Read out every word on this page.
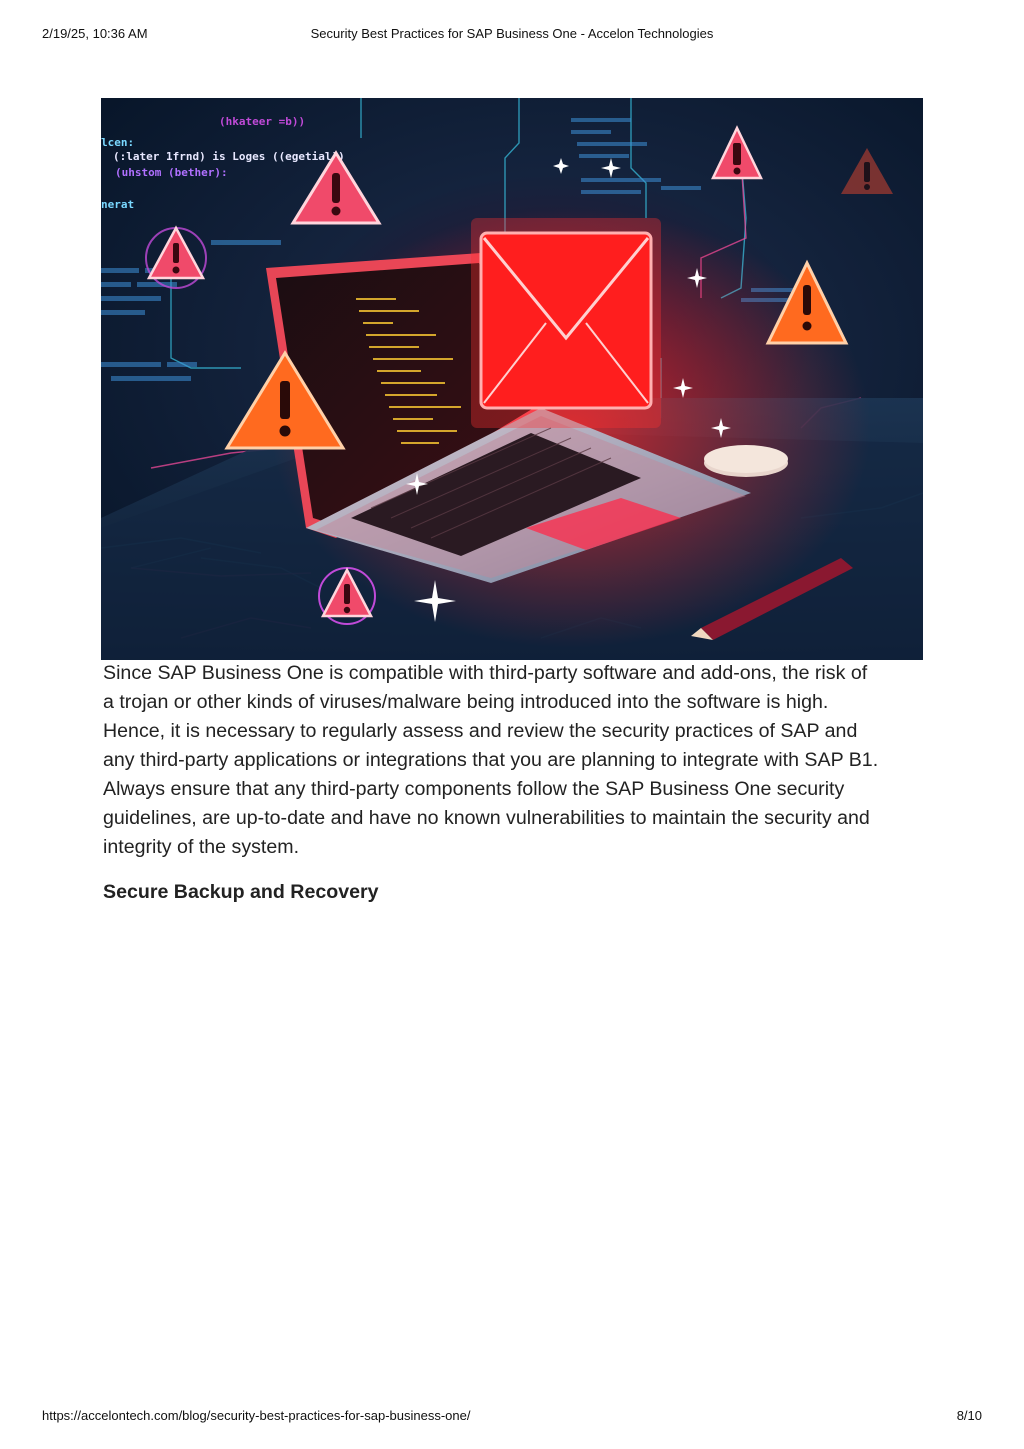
2/19/25, 10:36 AM	Security Best Practices for SAP Business One - Accelon Technologies
(hkateer =b))
lcen:
(:later 1frnd) is Loges ((egetial))
(uhstom (bether):
nerat
Since SAP Business One is compatible with third-party software and add-ons, the risk of
a trojan or other kinds of viruses/malware being introduced into the software is high.
Hence, it is necessary to regularly assess and review the security practices of SAP and
any third-party applications or integrations that you are planning to integrate with SAP B1.
Always ensure that any third-party components follow the SAP Business One security
guidelines, are up-to-date and have no known vulnerabilities to maintain the security and
integrity of the system.
Secure Backup and Recovery
https://accelontech.com/blog/security-best-practices-for-sap-business-one/	8/10
